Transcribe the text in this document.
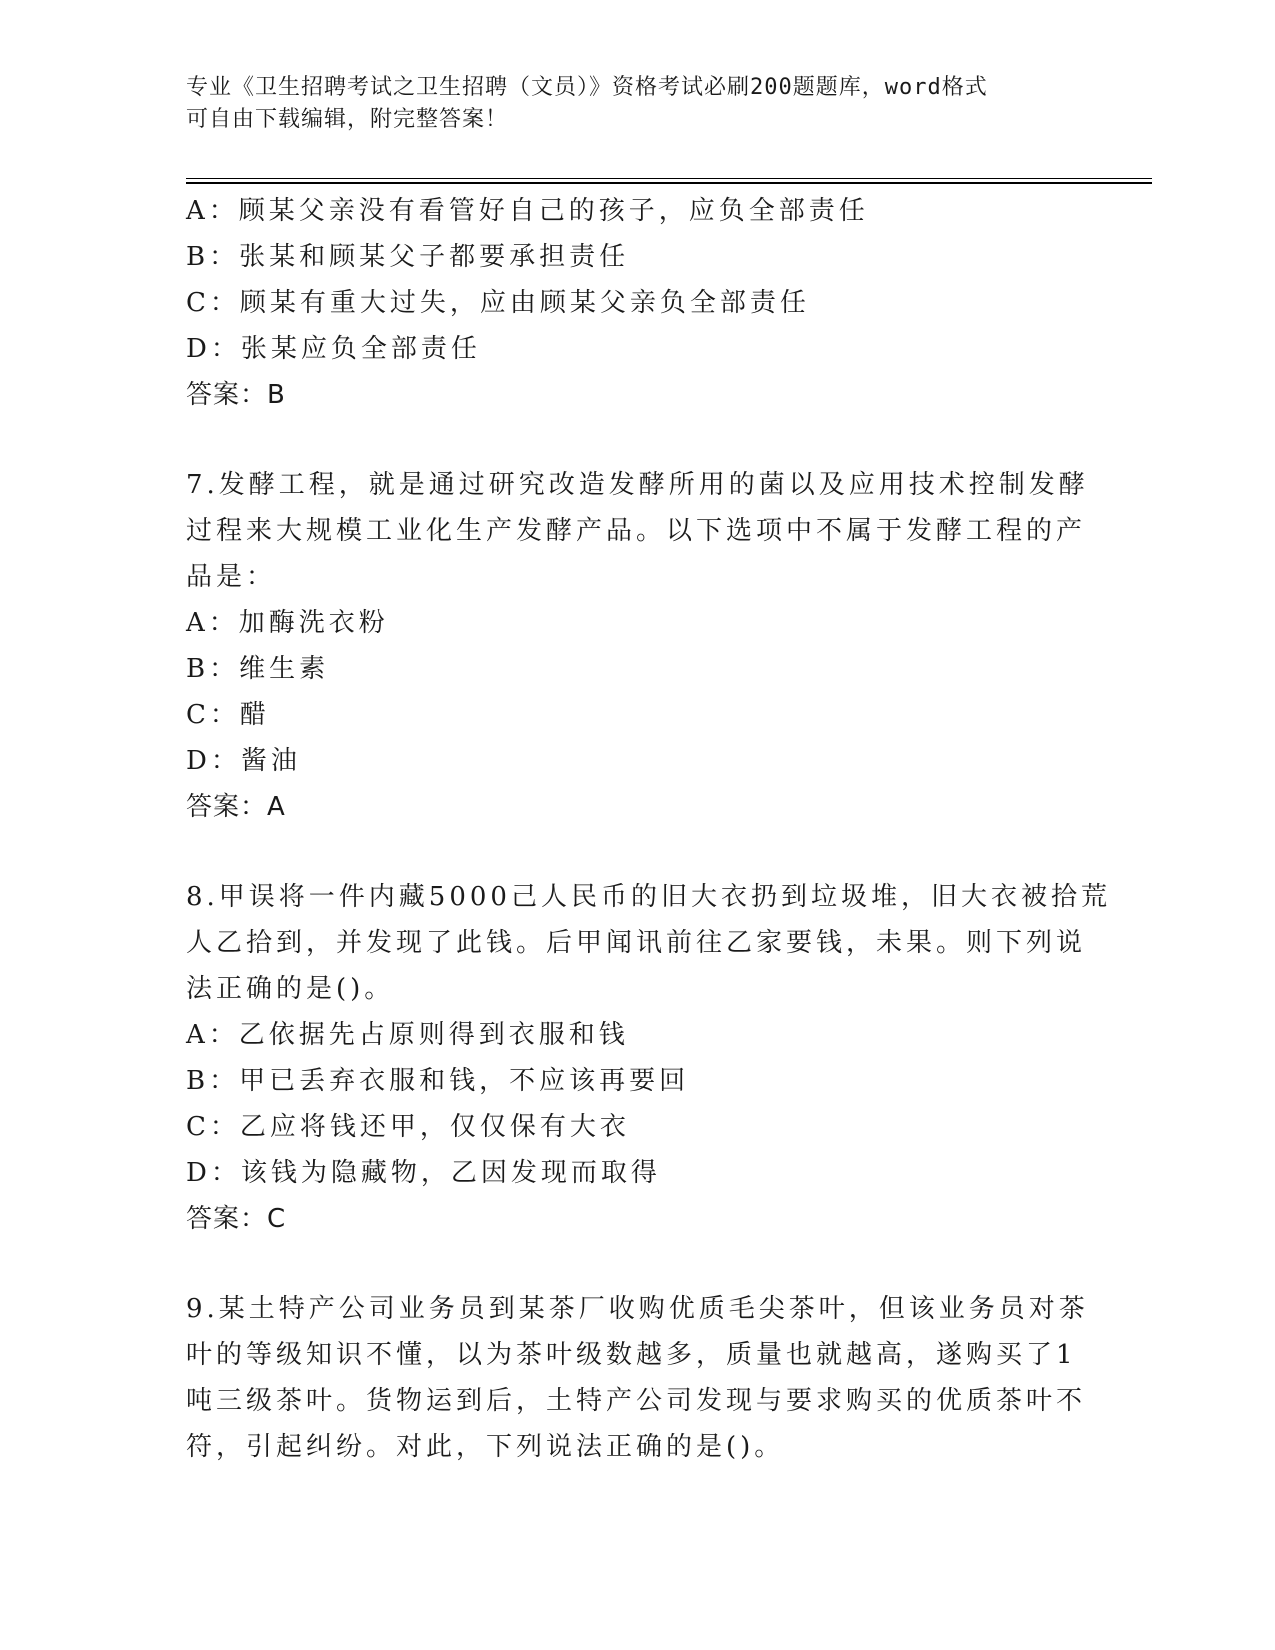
专业《卫生招聘考试之卫生招聘（文员）》资格考试必刷200题题库，word格式
可自由下载编辑，附完整答案！
A：顾某父亲没有看管好自己的孩子，应负全部责任
B：张某和顾某父子都要承担责任
C：顾某有重大过失，应由顾某父亲负全部责任
D：张某应负全部责任
答案：B
7.发酵工程，就是通过研究改造发酵所用的菌以及应用技术控制发酵
过程来大规模工业化生产发酵产品。以下选项中不属于发酵工程的产
品是：
A：加酶洗衣粉
B：维生素
C：醋
D：酱油
答案：A
8.甲误将一件内藏5000己人民币的旧大衣扔到垃圾堆，旧大衣被拾荒
人乙拾到，并发现了此钱。后甲闻讯前往乙家要钱，未果。则下列说
法正确的是()。
A：乙依据先占原则得到衣服和钱
B：甲已丢弃衣服和钱，不应该再要回
C：乙应将钱还甲，仅仅保有大衣
D：该钱为隐藏物，乙因发现而取得
答案：C
9.某土特产公司业务员到某茶厂收购优质毛尖茶叶，但该业务员对茶
叶的等级知识不懂，以为茶叶级数越多，质量也就越高，遂购买了1
吨三级茶叶。货物运到后，土特产公司发现与要求购买的优质茶叶不
符，引起纠纷。对此，下列说法正确的是()。
